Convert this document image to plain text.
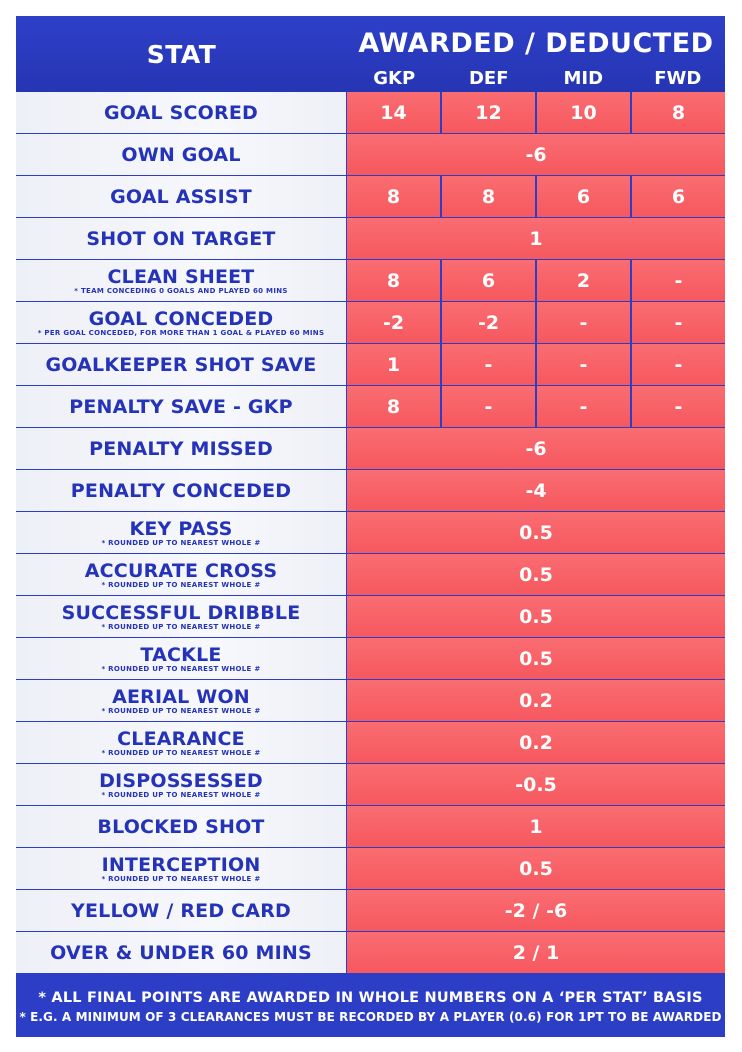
STAT	AWARDED / DEDUCTED
GKP	DEF	MID	FWD
GOAL SCORED	14	12	10	8
OWN GOAL	-6
GOAL ASSIST	8	8	6	6
SHOT ON TARGET	1
CLEAN SHEET
* TEAM CONCEDING 0 GOALS AND PLAYED 60 MINS	8	6	2	-
GOAL CONCEDED
* PER GOAL CONCEDED, FOR MORE THAN 1 GOAL & PLAYED 60 MINS	-2	-2	-	-
GOALKEEPER SHOT SAVE	1	-	-	-
PENALTY SAVE - GKP	8	-	-	-
PENALTY MISSED	-6
PENALTY CONCEDED	-4
KEY PASS
* ROUNDED UP TO NEAREST WHOLE #	0.5
ACCURATE CROSS
* ROUNDED UP TO NEAREST WHOLE #	0.5
SUCCESSFUL DRIBBLE
* ROUNDED UP TO NEAREST WHOLE #	0.5
TACKLE
* ROUNDED UP TO NEAREST WHOLE #	0.5
AERIAL WON
* ROUNDED UP TO NEAREST WHOLE #	0.2
CLEARANCE
* ROUNDED UP TO NEAREST WHOLE #	0.2
DISPOSSESSED
* ROUNDED UP TO NEAREST WHOLE #	-0.5
BLOCKED SHOT	1
INTERCEPTION
* ROUNDED UP TO NEAREST WHOLE #	0.5
YELLOW / RED CARD	-2 / -6
OVER & UNDER 60 MINS	2 / 1
* ALL FINAL POINTS ARE AWARDED IN WHOLE NUMBERS ON A ‘PER STAT’ BASIS
* E.G. A MINIMUM OF 3 CLEARANCES MUST BE RECORDED BY A PLAYER (0.6) FOR 1PT TO BE AWARDED
